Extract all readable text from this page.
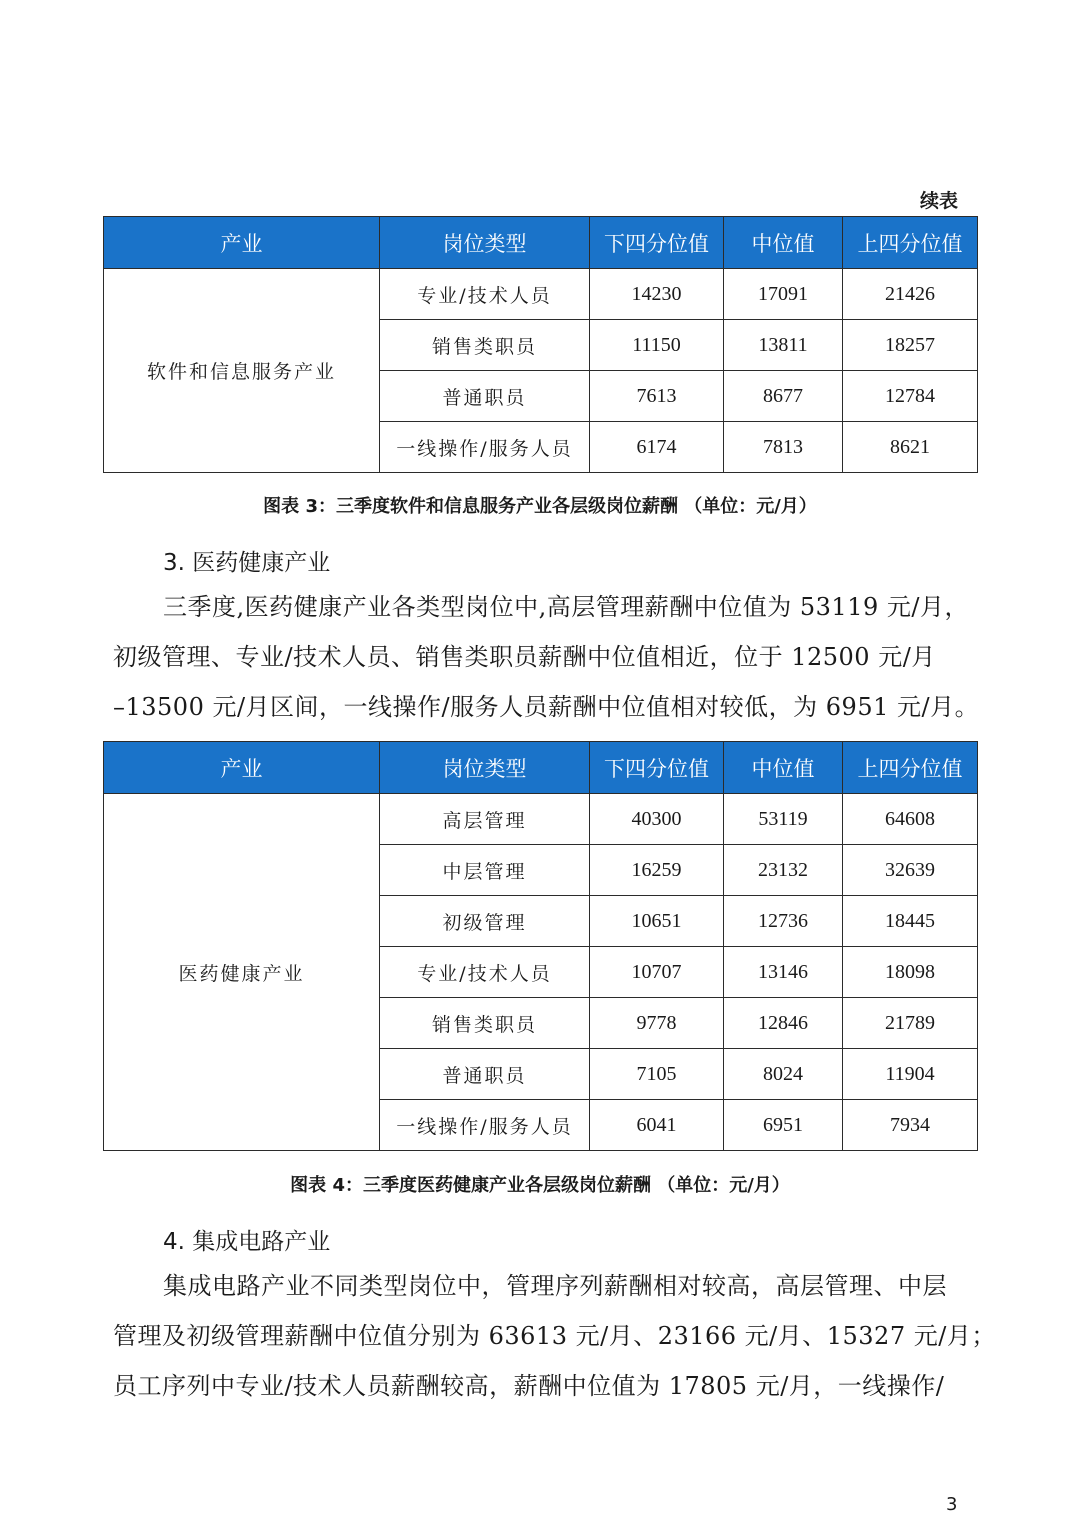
续表
产业	岗位类型	下四分位值	中位值	上四分位值
软件和信息服务产业	专业/技术人员	14230	17091	21426
	销售类职员	11150	13811	18257
	普通职员	7613	8677	12784
	一线操作/服务人员	6174	7813	8621
图表 3：三季度软件和信息服务产业各层级岗位薪酬 （单位：元/月）
3. 医药健康产业

三季度,医药健康产业各类型岗位中,高层管理薪酬中位值为 53119 元/月，

初级管理、专业/技术人员、销售类职员薪酬中位值相近，位于 12500 元/月

–13500 元/月区间，一线操作/服务人员薪酬中位值相对较低，为 6951 元/月。

产业	岗位类型	下四分位值	中位值	上四分位值
医药健康产业	高层管理	40300	53119	64608
	中层管理	16259	23132	32639
	初级管理	10651	12736	18445
	专业/技术人员	10707	13146	18098
	销售类职员	9778	12846	21789
	普通职员	7105	8024	11904
	一线操作/服务人员	6041	6951	7934
图表 4：三季度医药健康产业各层级岗位薪酬 （单位：元/月）
4. 集成电路产业

集成电路产业不同类型岗位中，管理序列薪酬相对较高，高层管理、中层

管理及初级管理薪酬中位值分别为 63613 元/月、23166 元/月、15327 元/月；

员工序列中专业/技术人员薪酬较高，薪酬中位值为 17805 元/月，一线操作/

3
